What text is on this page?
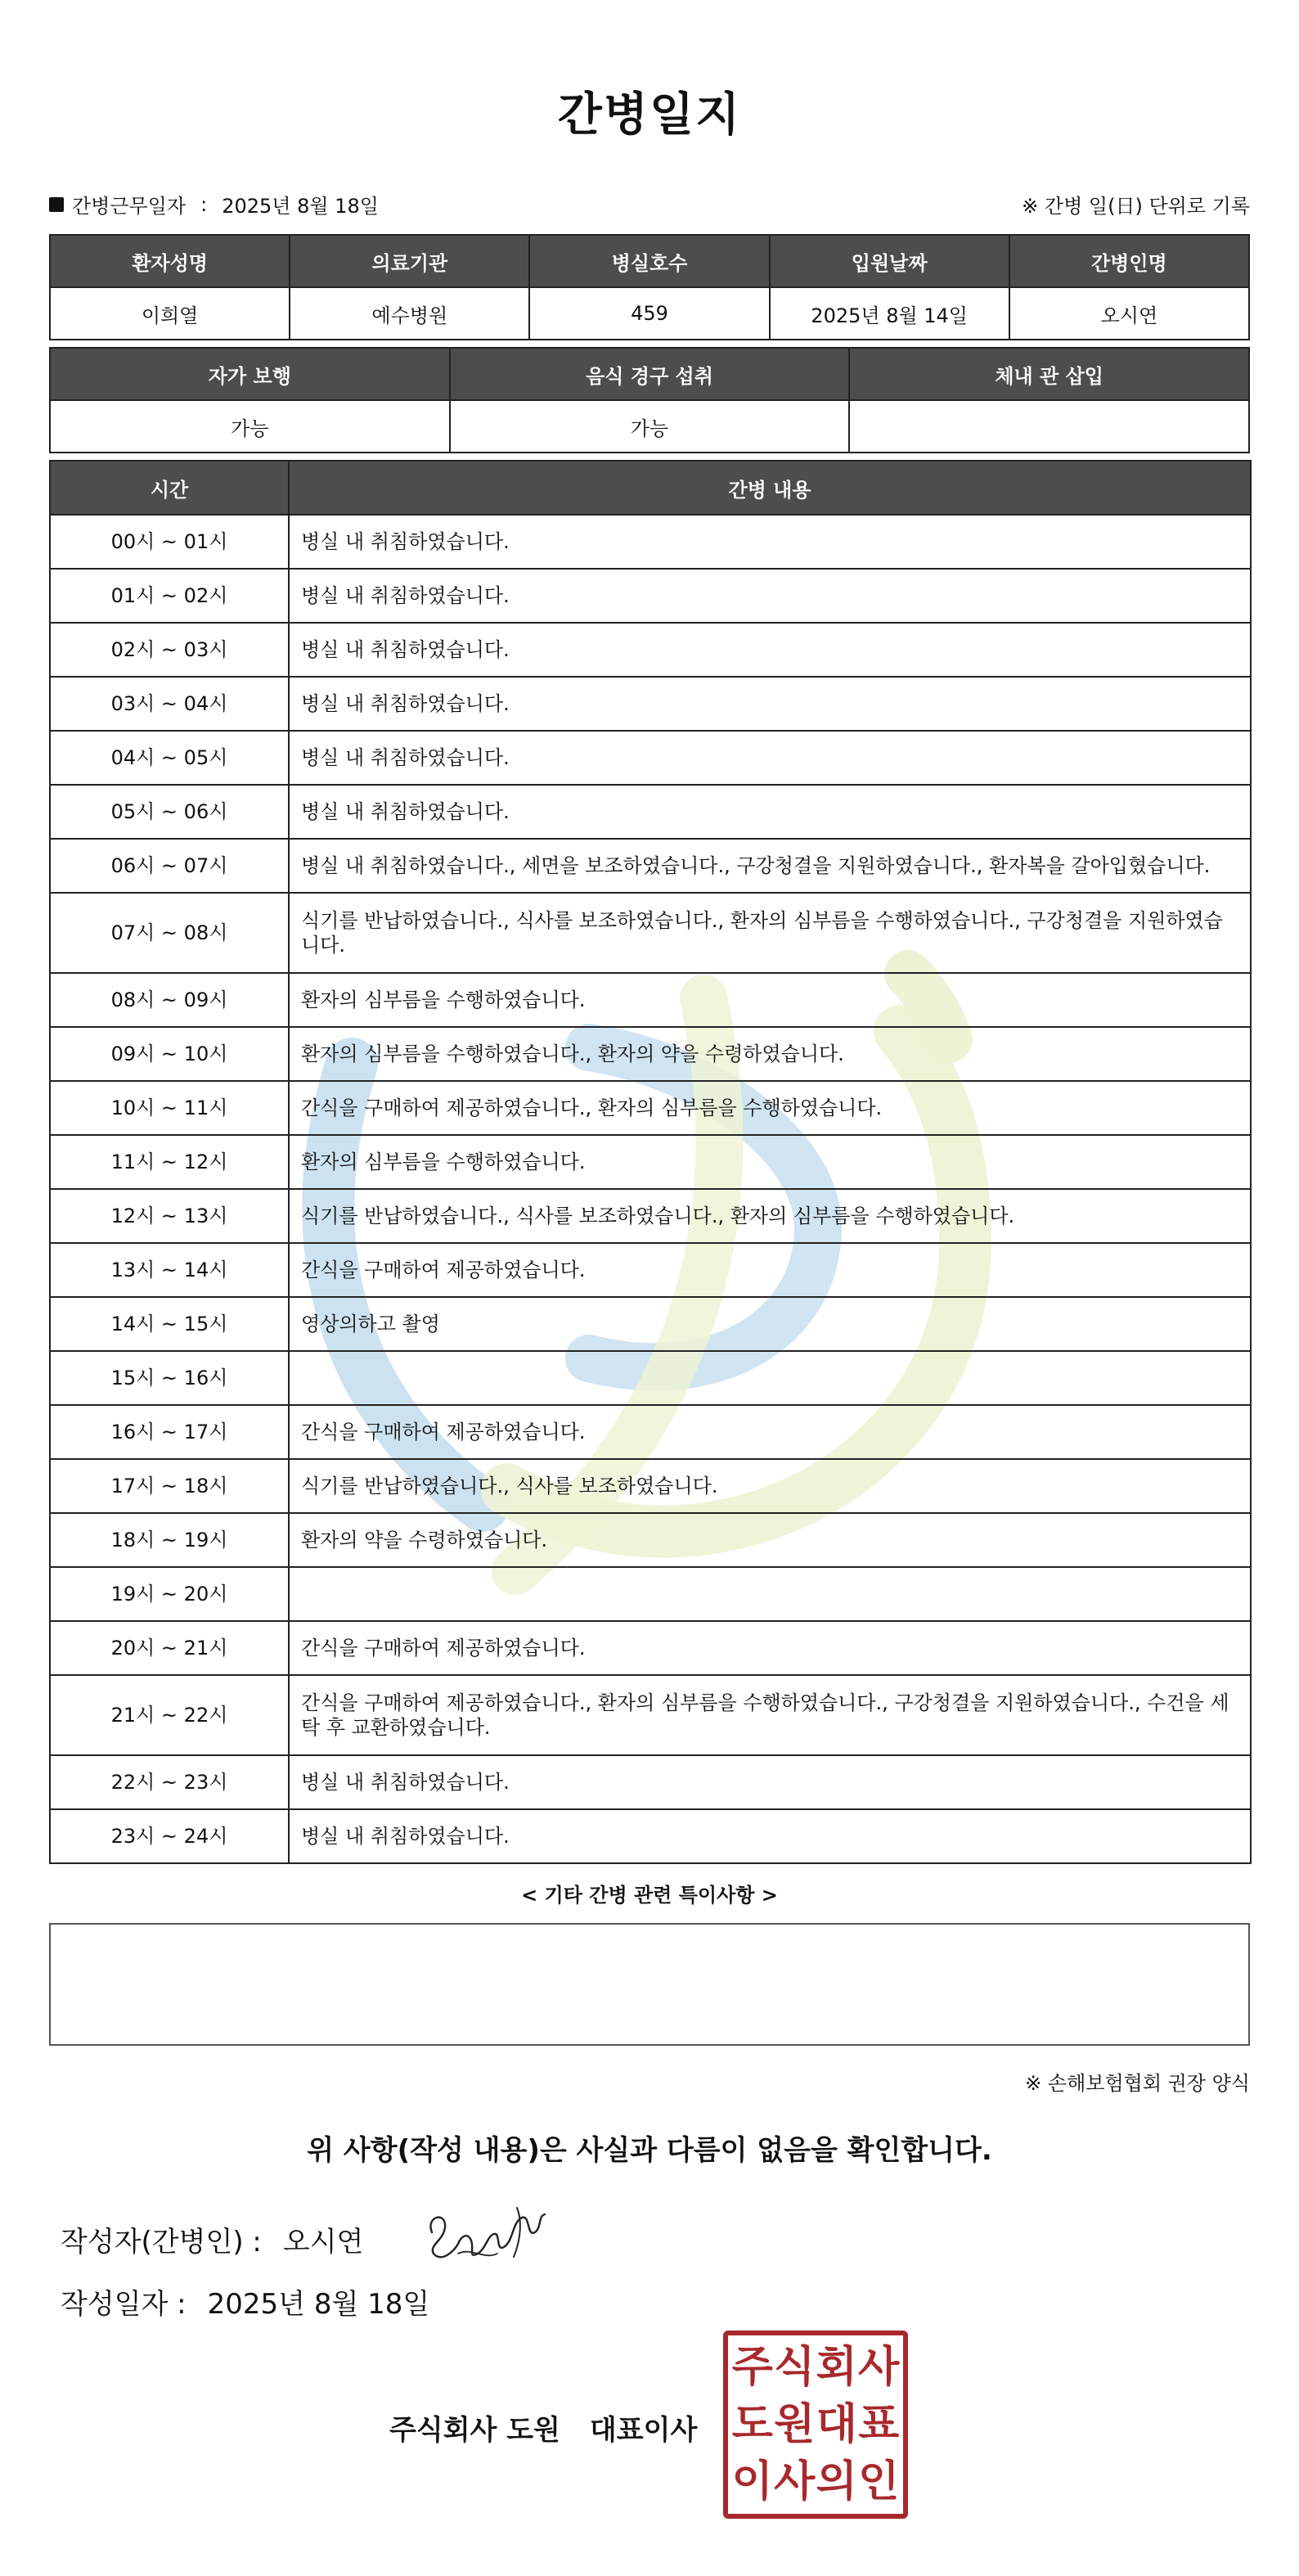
간병일지
간병근무일자 : 2025년 8월 18일	※ 간병 일(日) 단위로 기록
환자성명	의료기관	병실호수	입원날짜	간병인명
이희열	예수병원	459	2025년 8월 14일	오시연
자가 보행	음식 경구 섭취	체내 관 삽입
가능	가능	
시간	간병 내용
00시 ~ 01시	병실 내 취침하였습니다.
01시 ~ 02시	병실 내 취침하였습니다.
02시 ~ 03시	병실 내 취침하였습니다.
03시 ~ 04시	병실 내 취침하였습니다.
04시 ~ 05시	병실 내 취침하였습니다.
05시 ~ 06시	병실 내 취침하였습니다.
06시 ~ 07시	병실 내 취침하였습니다., 세면을 보조하였습니다., 구강청결을 지원하였습니다., 환자복을 갈아입혔습니다.
07시 ~ 08시	식기를 반납하였습니다., 식사를 보조하였습니다., 환자의 심부름을 수행하였습니다., 구강청결을 지원하였습니다.
08시 ~ 09시	환자의 심부름을 수행하였습니다.
09시 ~ 10시	환자의 심부름을 수행하였습니다., 환자의 약을 수령하였습니다.
10시 ~ 11시	간식을 구매하여 제공하였습니다., 환자의 심부름을 수행하였습니다.
11시 ~ 12시	환자의 심부름을 수행하였습니다.
12시 ~ 13시	식기를 반납하였습니다., 식사를 보조하였습니다., 환자의 심부름을 수행하였습니다.
13시 ~ 14시	간식을 구매하여 제공하였습니다.
14시 ~ 15시	영상의하고 촬영
15시 ~ 16시	
16시 ~ 17시	간식을 구매하여 제공하였습니다.
17시 ~ 18시	식기를 반납하였습니다., 식사를 보조하였습니다.
18시 ~ 19시	환자의 약을 수령하였습니다.
19시 ~ 20시	
20시 ~ 21시	간식을 구매하여 제공하였습니다.
21시 ~ 22시	간식을 구매하여 제공하였습니다., 환자의 심부름을 수행하였습니다., 구강청결을 지원하였습니다., 수건을 세탁 후 교환하였습니다.
22시 ~ 23시	병실 내 취침하였습니다.
23시 ~ 24시	병실 내 취침하였습니다.
< 기타 간병 관련 특이사항 >
※ 손해보험협회 권장 양식
위 사항(작성 내용)은 사실과 다름이 없음을 확인합니다.
작성자(간병인) : 오시연
작성일자 : 2025년 8월 18일
주식회사 도원 대표이사
주 식 회 사
도 원 대 표
이 사 의 인
